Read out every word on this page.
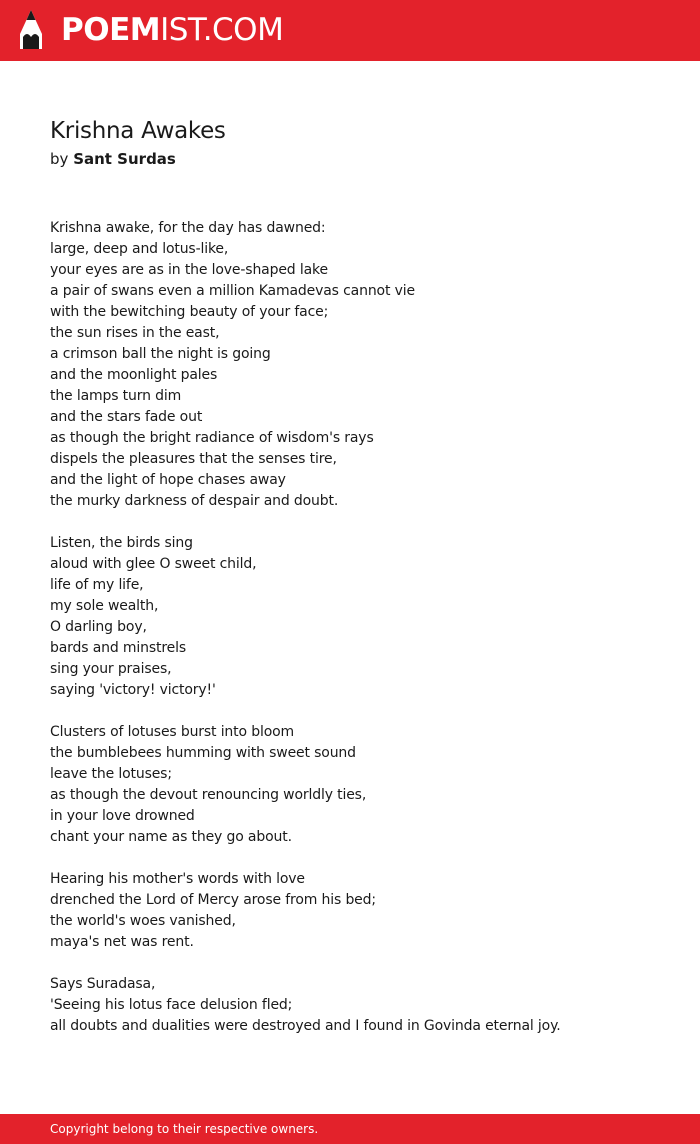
POEMIST.COM
Krishna Awakes

by Sant Surdas

Krishna awake, for the day has dawned:
large, deep and lotus-like,
your eyes are as in the love-shaped lake
a pair of swans even a million Kamadevas cannot vie
with the bewitching beauty of your face;
the sun rises in the east,
a crimson ball the night is going
and the moonlight pales
the lamps turn dim
and the stars fade out
as though the bright radiance of wisdom's rays
dispels the pleasures that the senses tire,
and the light of hope chases away
the murky darkness of despair and doubt.
Listen, the birds sing
aloud with glee O sweet child,
life of my life,
my sole wealth,
O darling boy,
bards and minstrels
sing your praises,
saying 'victory! victory!'
Clusters of lotuses burst into bloom
the bumblebees humming with sweet sound
leave the lotuses;
as though the devout renouncing worldly ties,
in your love drowned
chant your name as they go about.
Hearing his mother's words with love
drenched the Lord of Mercy arose from his bed;
the world's woes vanished,
maya's net was rent.
Says Suradasa,
'Seeing his lotus face delusion fled;
all doubts and dualities were destroyed and I found in Govinda eternal joy.
Copyright belong to their respective owners.
